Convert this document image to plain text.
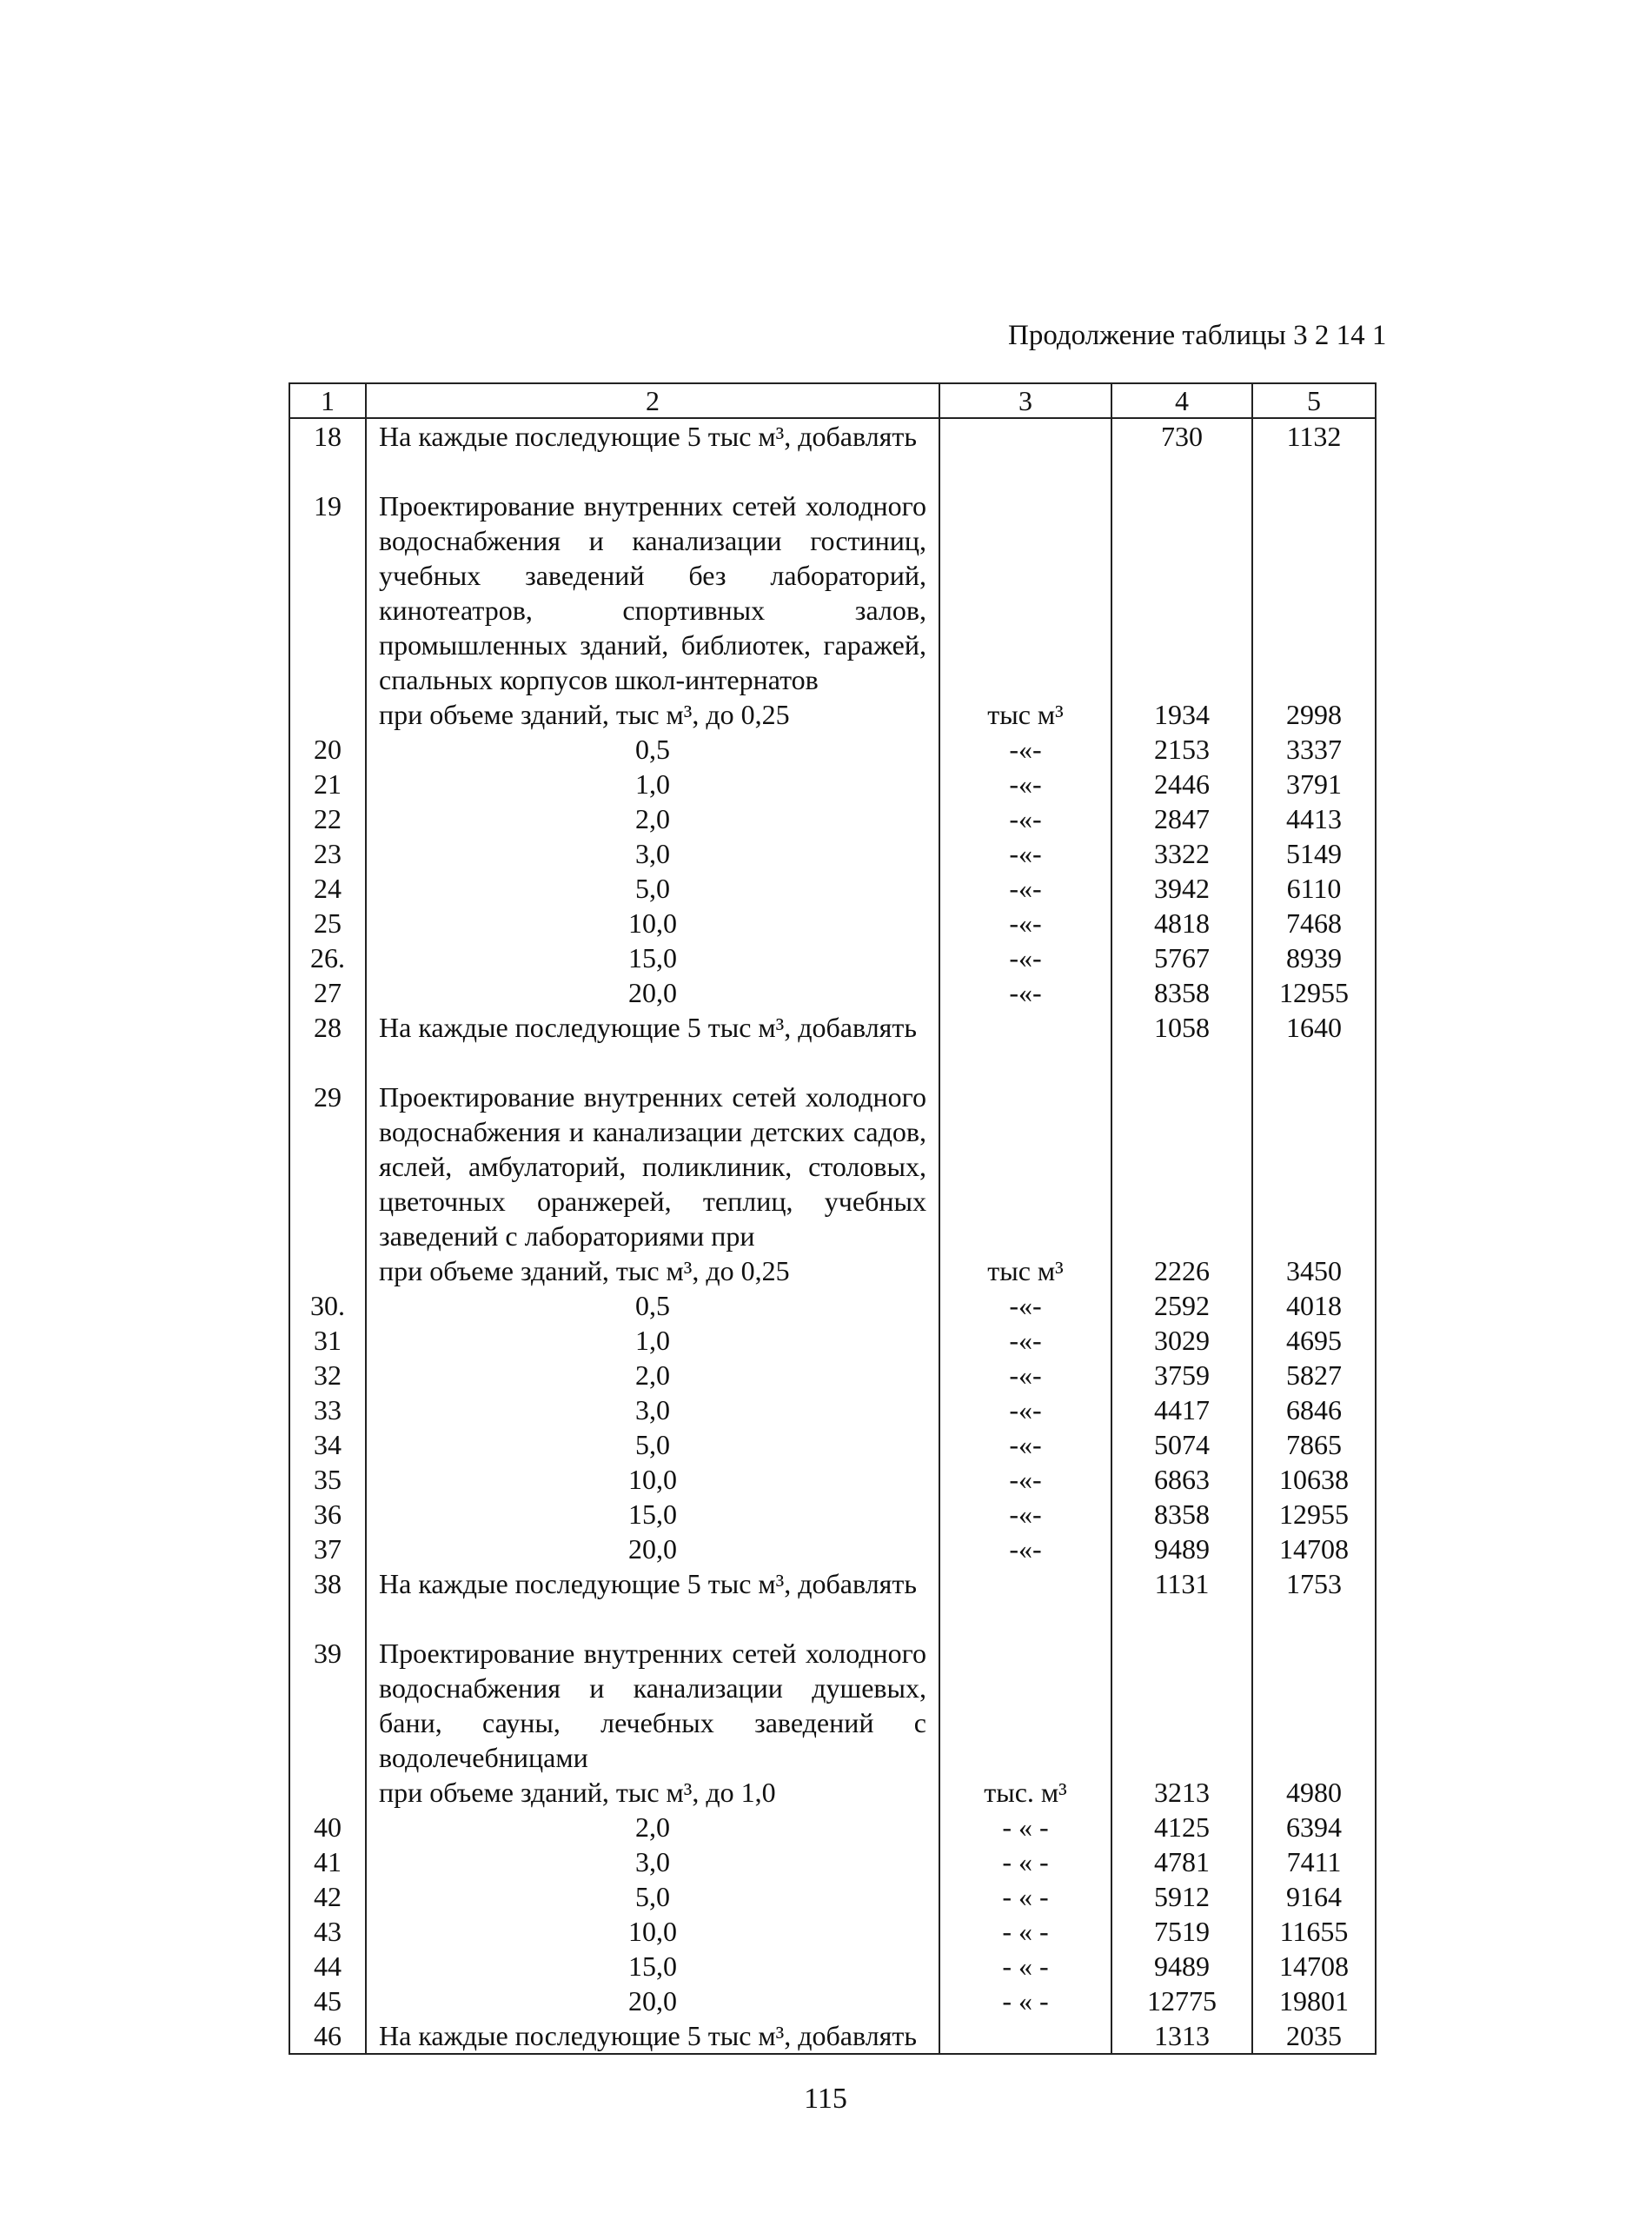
Продолжение таблицы 3 2 14 1
1	2	3	4	5
18	На каждые последующие 5 тыс м³, добавлять		730	1132

19	Проектирование внутренних сетей холодного водоснабжения и канализации гостиниц, учебных заведений без лабораторий, кинотеатров, спортивных залов, промышленных зданий, библиотек, гаражей, спальных корпусов школ-интернатов			
	при объеме зданий, тыс м³, до 0,25	тыс м³	1934	2998
20	0,5	-«-	2153	3337
21	1,0	-«-	2446	3791
22	2,0	-«-	2847	4413
23	3,0	-«-	3322	5149
24	5,0	-«-	3942	6110
25	10,0	-«-	4818	7468
26.	15,0	-«-	5767	8939
27	20,0	-«-	8358	12955
28	На каждые последующие 5 тыс м³, добавлять		1058	1640

29	Проектирование внутренних сетей холодного водоснабжения и канализации детских садов, яслей, амбулаторий, поликлиник, столовых, цветочных оранжерей, теплиц, учебных заведений с лабораториями при			
	при объеме зданий, тыс м³, до 0,25	тыс м³	2226	3450
30.	0,5	-«-	2592	4018
31	1,0	-«-	3029	4695
32	2,0	-«-	3759	5827
33	3,0	-«-	4417	6846
34	5,0	-«-	5074	7865
35	10,0	-«-	6863	10638
36	15,0	-«-	8358	12955
37	20,0	-«-	9489	14708
38	На каждые последующие 5 тыс м³, добавлять		1131	1753

39	Проектирование внутренних сетей холодного водоснабжения и канализации душевых, бани, сауны, лечебных заведений с водолечебницами			
	при объеме зданий, тыс м³, до 1,0	тыс. м³	3213	4980
40	2,0	- « -	4125	6394
41	3,0	- « -	4781	7411
42	5,0	- « -	5912	9164
43	10,0	- « -	7519	11655
44	15,0	- « -	9489	14708
45	20,0	- « -	12775	19801
46	На каждые последующие 5 тыс м³, добавлять		1313	2035
115
